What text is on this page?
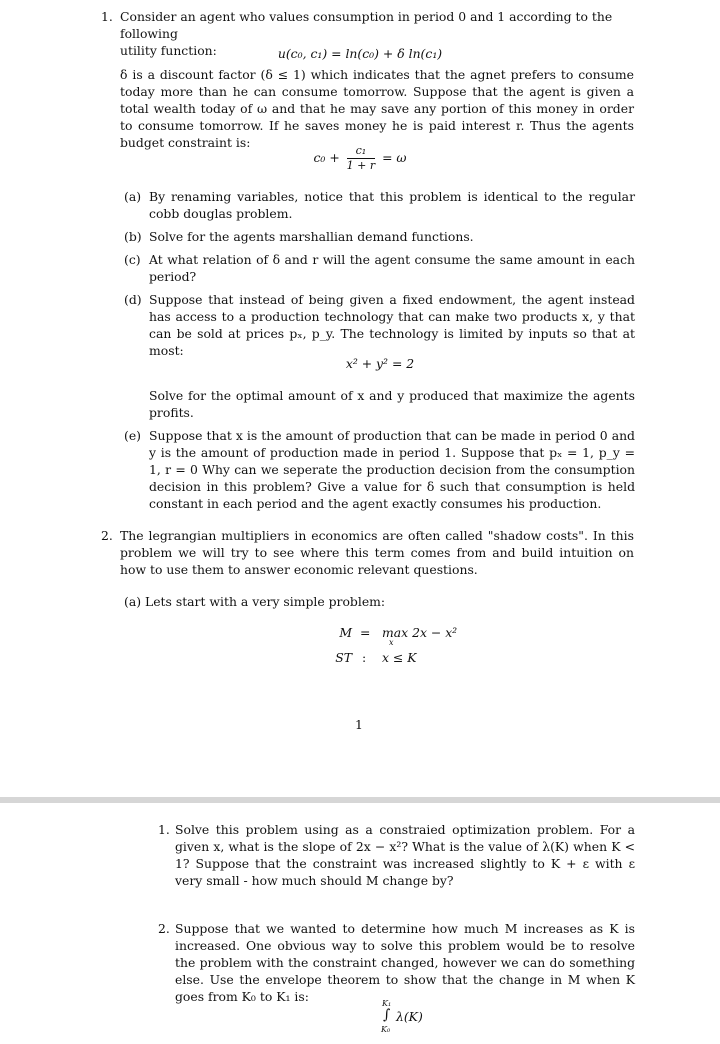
1. Consider an agent who values consumption in period 0 and 1 according to the following
utility function:	u(c₀, c₁) = ln(c₀) + δ ln(c₁)

δ is a discount factor (δ ≤ 1) which indicates that the agnet prefers to consume today more than he can consume tomorrow. Suppose that the agent is given a total wealth today of ω and that he may save any portion of this money in order to consume tomorrow. If he saves money he is paid interest r. Thus the agents budget constraint is:

$c_0 + \frac{\text{c₁}}{1 + r} = \omega$
(a) By renaming variables, notice that this problem is identical to the regular cobb douglas problem.
(b) Solve for the agents marshallian demand functions.
(c) At what relation of δ and r will the agent consume the same amount in each period?
(d) Suppose that instead of being given a fixed endowment, the agent instead has access to a production technology that can make two products x, y that can be sold at prices pₓ, p_y. The technology is limited by inputs so that at most:
x² + y² = 2
Solve for the optimal amount of x and y produced that maximize the agents profits.
(e) Suppose that x is the amount of production that can be made in period 0 and y is the amount of production made in period 1. Suppose that pₓ = 1, p_y = 1, r = 0 Why can we seperate the production decision from the consumption decision in this problem? Give a value for δ such that consumption is held constant in each period and the agent exactly consumes his production.
2. The legrangian multipliers in economics are often called "shadow costs". In this problem we will try to see where this term comes from and build intuition on how to use them to answer economic relevant questions.

(a) Lets start with a very simple problem:
M = max 2x − x²
x
ST : x ≤ K
1
1. Solve this problem using as a constraied optimization problem. For a given x, what is the slope of 2x − x²? What is the value of λ(K) when K < 1? Suppose that the constraint was increased slightly to K + ε with ε very small - how much should M change by?
2. Suppose that we wanted to determine how much M increases as K is increased. One obvious way to solve this problem would be to resolve the problem with the constraint changed, however we can do something else. Use the envelope theorem to show that the change in M when K goes from K₀ to K₁ is:	K₁
∫ λ(K)
K₀
